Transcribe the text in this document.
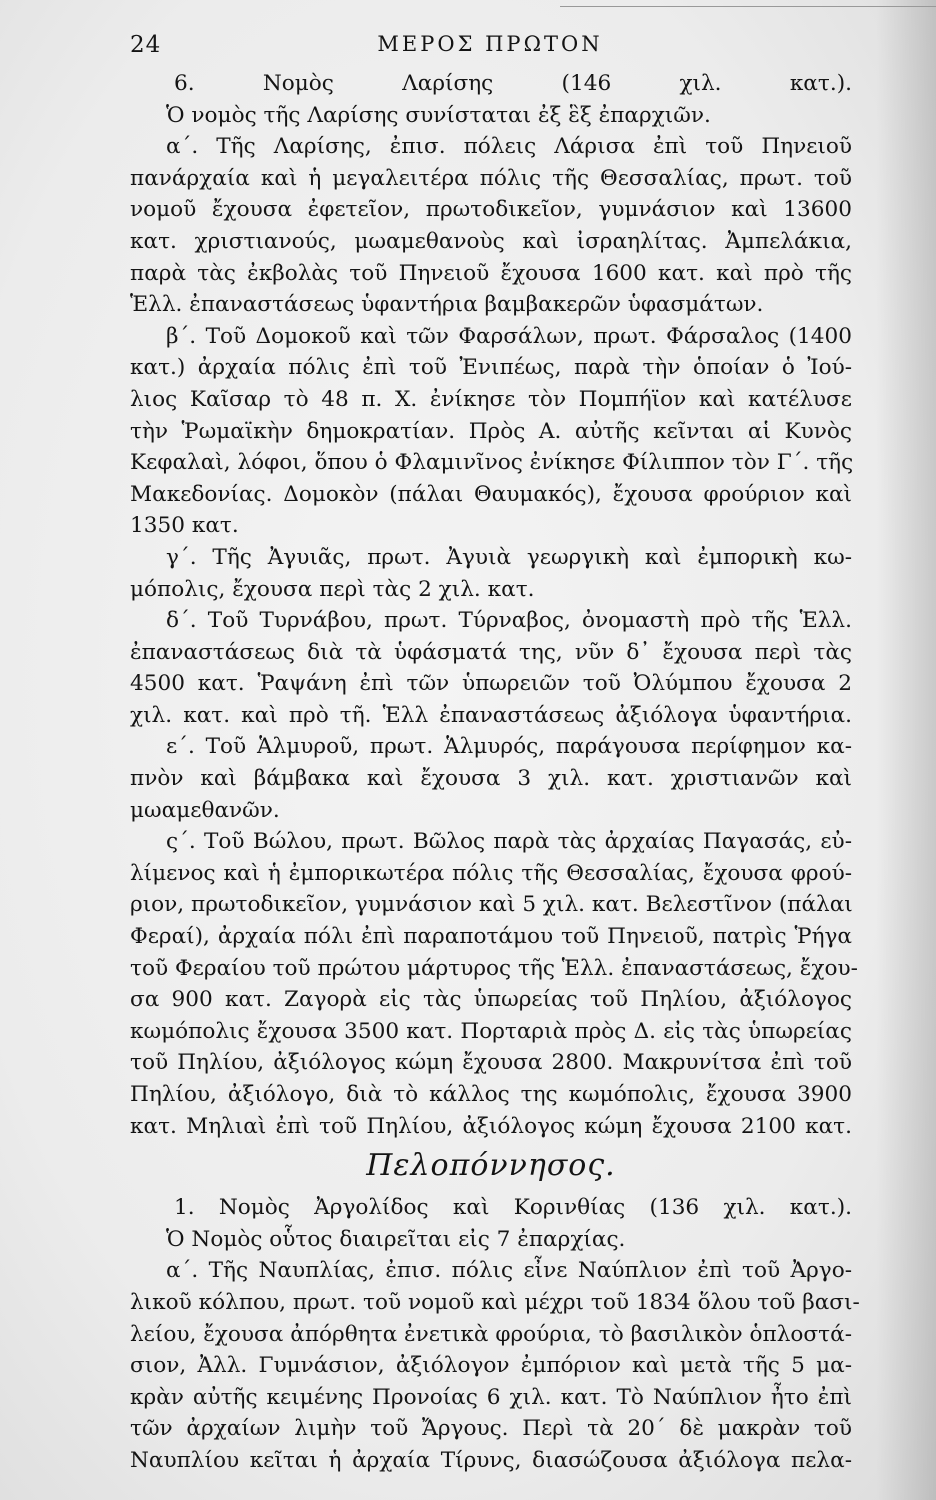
24	ΜΕΡΟΣ ΠΡΩΤΟΝ
6. Νομὸς Λαρίσης (146 χιλ. κατ.).
Ὁ νομὸς τῆς Λαρίσης συνίσταται ἐξ ἓξ ἐπαρχιῶν.
α΄. Τῆς Λαρίσης, ἐπισ. πόλεις Λάρισα ἐπὶ τοῦ Πηνειοῦ
πανάρχαία καὶ ἡ μεγαλειτέρα πόλις τῆς Θεσσαλίας, πρωτ. τοῦ
νομοῦ ἔχουσα ἐφετεῖον, πρωτοδικεῖον, γυμνάσιον καὶ 13600
κατ. χριστιανούς, μωαμεθανοὺς καὶ ἰσραηλίτας. Ἀμπελάκια,
παρὰ τὰς ἐκβολὰς τοῦ Πηνειοῦ ἔχουσα 1600 κατ. καὶ πρὸ τῆς
Ἑλλ. ἐπαναστάσεως ὑφαντήρια βαμβακερῶν ὑφασμάτων.
β΄. Τοῦ Δομοκοῦ καὶ τῶν Φαρσάλων, πρωτ. Φάρσαλος (1400
κατ.) ἀρχαία πόλις ἐπὶ τοῦ Ἐνιπέως, παρὰ τὴν ὁποίαν ὁ Ἰού-
λιος Καῖσαρ τὸ 48 π. Χ. ἐνίκησε τὸν Πομπήϊον καὶ κατέλυσε
τὴν Ῥωμαϊκὴν δημοκρατίαν. Πρὸς Α. αὐτῆς κεῖνται αἱ Κυνὸς
Κεφαλαὶ, λόφοι, ὅπου ὁ Φλαμινῖνος ἐνίκησε Φίλιππον τὸν Γ΄. τῆς
Μακεδονίας. Δομοκὸν (πάλαι Θαυμακός), ἔχουσα φρούριον καὶ
1350 κατ.
γ΄. Τῆς Ἀγυιᾶς, πρωτ. Ἀγυιὰ γεωργικὴ καὶ ἐμπορικὴ κω-
μόπολις, ἔχουσα περὶ τὰς 2 χιλ. κατ.
δ΄. Τοῦ Τυρνάβου, πρωτ. Τύρναβος, ὀνομαστὴ πρὸ τῆς Ἑλλ.
ἐπαναστάσεως διὰ τὰ ὑφάσματά της, νῦν δ᾽ ἔχουσα περὶ τὰς
4500 κατ. Ῥαψάνη ἐπὶ τῶν ὑπωρειῶν τοῦ Ὀλύμπου ἔχουσα 2
χιλ. κατ. καὶ πρὸ τῆ. Ἑλλ ἐπαναστάσεως ἀξιόλογα ὑφαντήρια.
ε΄. Τοῦ Ἁλμυροῦ, πρωτ. Ἁλμυρός, παράγουσα περίφημον κα-
πνὸν καὶ βάμβακα καὶ ἔχουσα 3 χιλ. κατ. χριστιανῶν καὶ
μωαμεθανῶν.
ς΄. Τοῦ Βώλου, πρωτ. Βῶλος παρὰ τὰς ἀρχαίας Παγασάς, εὐ-
λίμενος καὶ ἡ ἐμπορικωτέρα πόλις τῆς Θεσσαλίας, ἔχουσα φρού-
ριον, πρωτοδικεῖον, γυμνάσιον καὶ 5 χιλ. κατ. Βελεστῖνον (πάλαι
Φεραί), ἀρχαία πόλι ἐπὶ παραποτάμου τοῦ Πηνειοῦ, πατρὶς Ῥήγα
τοῦ Φεραίου τοῦ πρώτου μάρτυρος τῆς Ἑλλ. ἐπαναστάσεως, ἔχου-
σα 900 κατ. Ζαγορὰ εἰς τὰς ὑπωρείας τοῦ Πηλίου, ἀξιόλογος
κωμόπολις ἔχουσα 3500 κατ. Πορταριὰ πρὸς Δ. εἰς τὰς ὑπωρείας
τοῦ Πηλίου, ἀξιόλογος κώμη ἔχουσα 2800. Μακρυνίτσα ἐπὶ τοῦ
Πηλίου, ἀξιόλογο, διὰ τὸ κάλλος της κωμόπολις, ἔχουσα 3900
κατ. Μηλιαὶ ἐπὶ τοῦ Πηλίου, ἀξιόλογος κώμη ἔχουσα 2100 κατ.
Πελοπόννησος.
1. Νομὸς Ἀργολίδος καὶ Κορινθίας (136 χιλ. κατ.).
Ὁ Νομὸς οὗτος διαιρεῖται εἰς 7 ἐπαρχίας.
α΄. Τῆς Ναυπλίας, ἐπισ. πόλις εἶνε Ναύπλιον ἐπὶ τοῦ Ἀργο-
λικοῦ κόλπου, πρωτ. τοῦ νομοῦ καὶ μέχρι τοῦ 1834 ὅλου τοῦ βασι-
λείου, ἔχουσα ἀπόρθητα ἐνετικὰ φρούρια, τὸ βασιλικὸν ὁπλοστά-
σιον, Ἀλλ. Γυμνάσιον, ἀξιόλογον ἐμπόριον καὶ μετὰ τῆς 5 μα-
κρὰν αὐτῆς κειμένης Προνοίας 6 χιλ. κατ. Τὸ Ναύπλιον ἦτο ἐπὶ
τῶν ἀρχαίων λιμὴν τοῦ Ἄργους. Περὶ τὰ 20΄ δὲ μακρὰν τοῦ
Ναυπλίου κεῖται ἡ ἀρχαία Τίρυνς, διασώζουσα ἀξιόλογα πελα-
